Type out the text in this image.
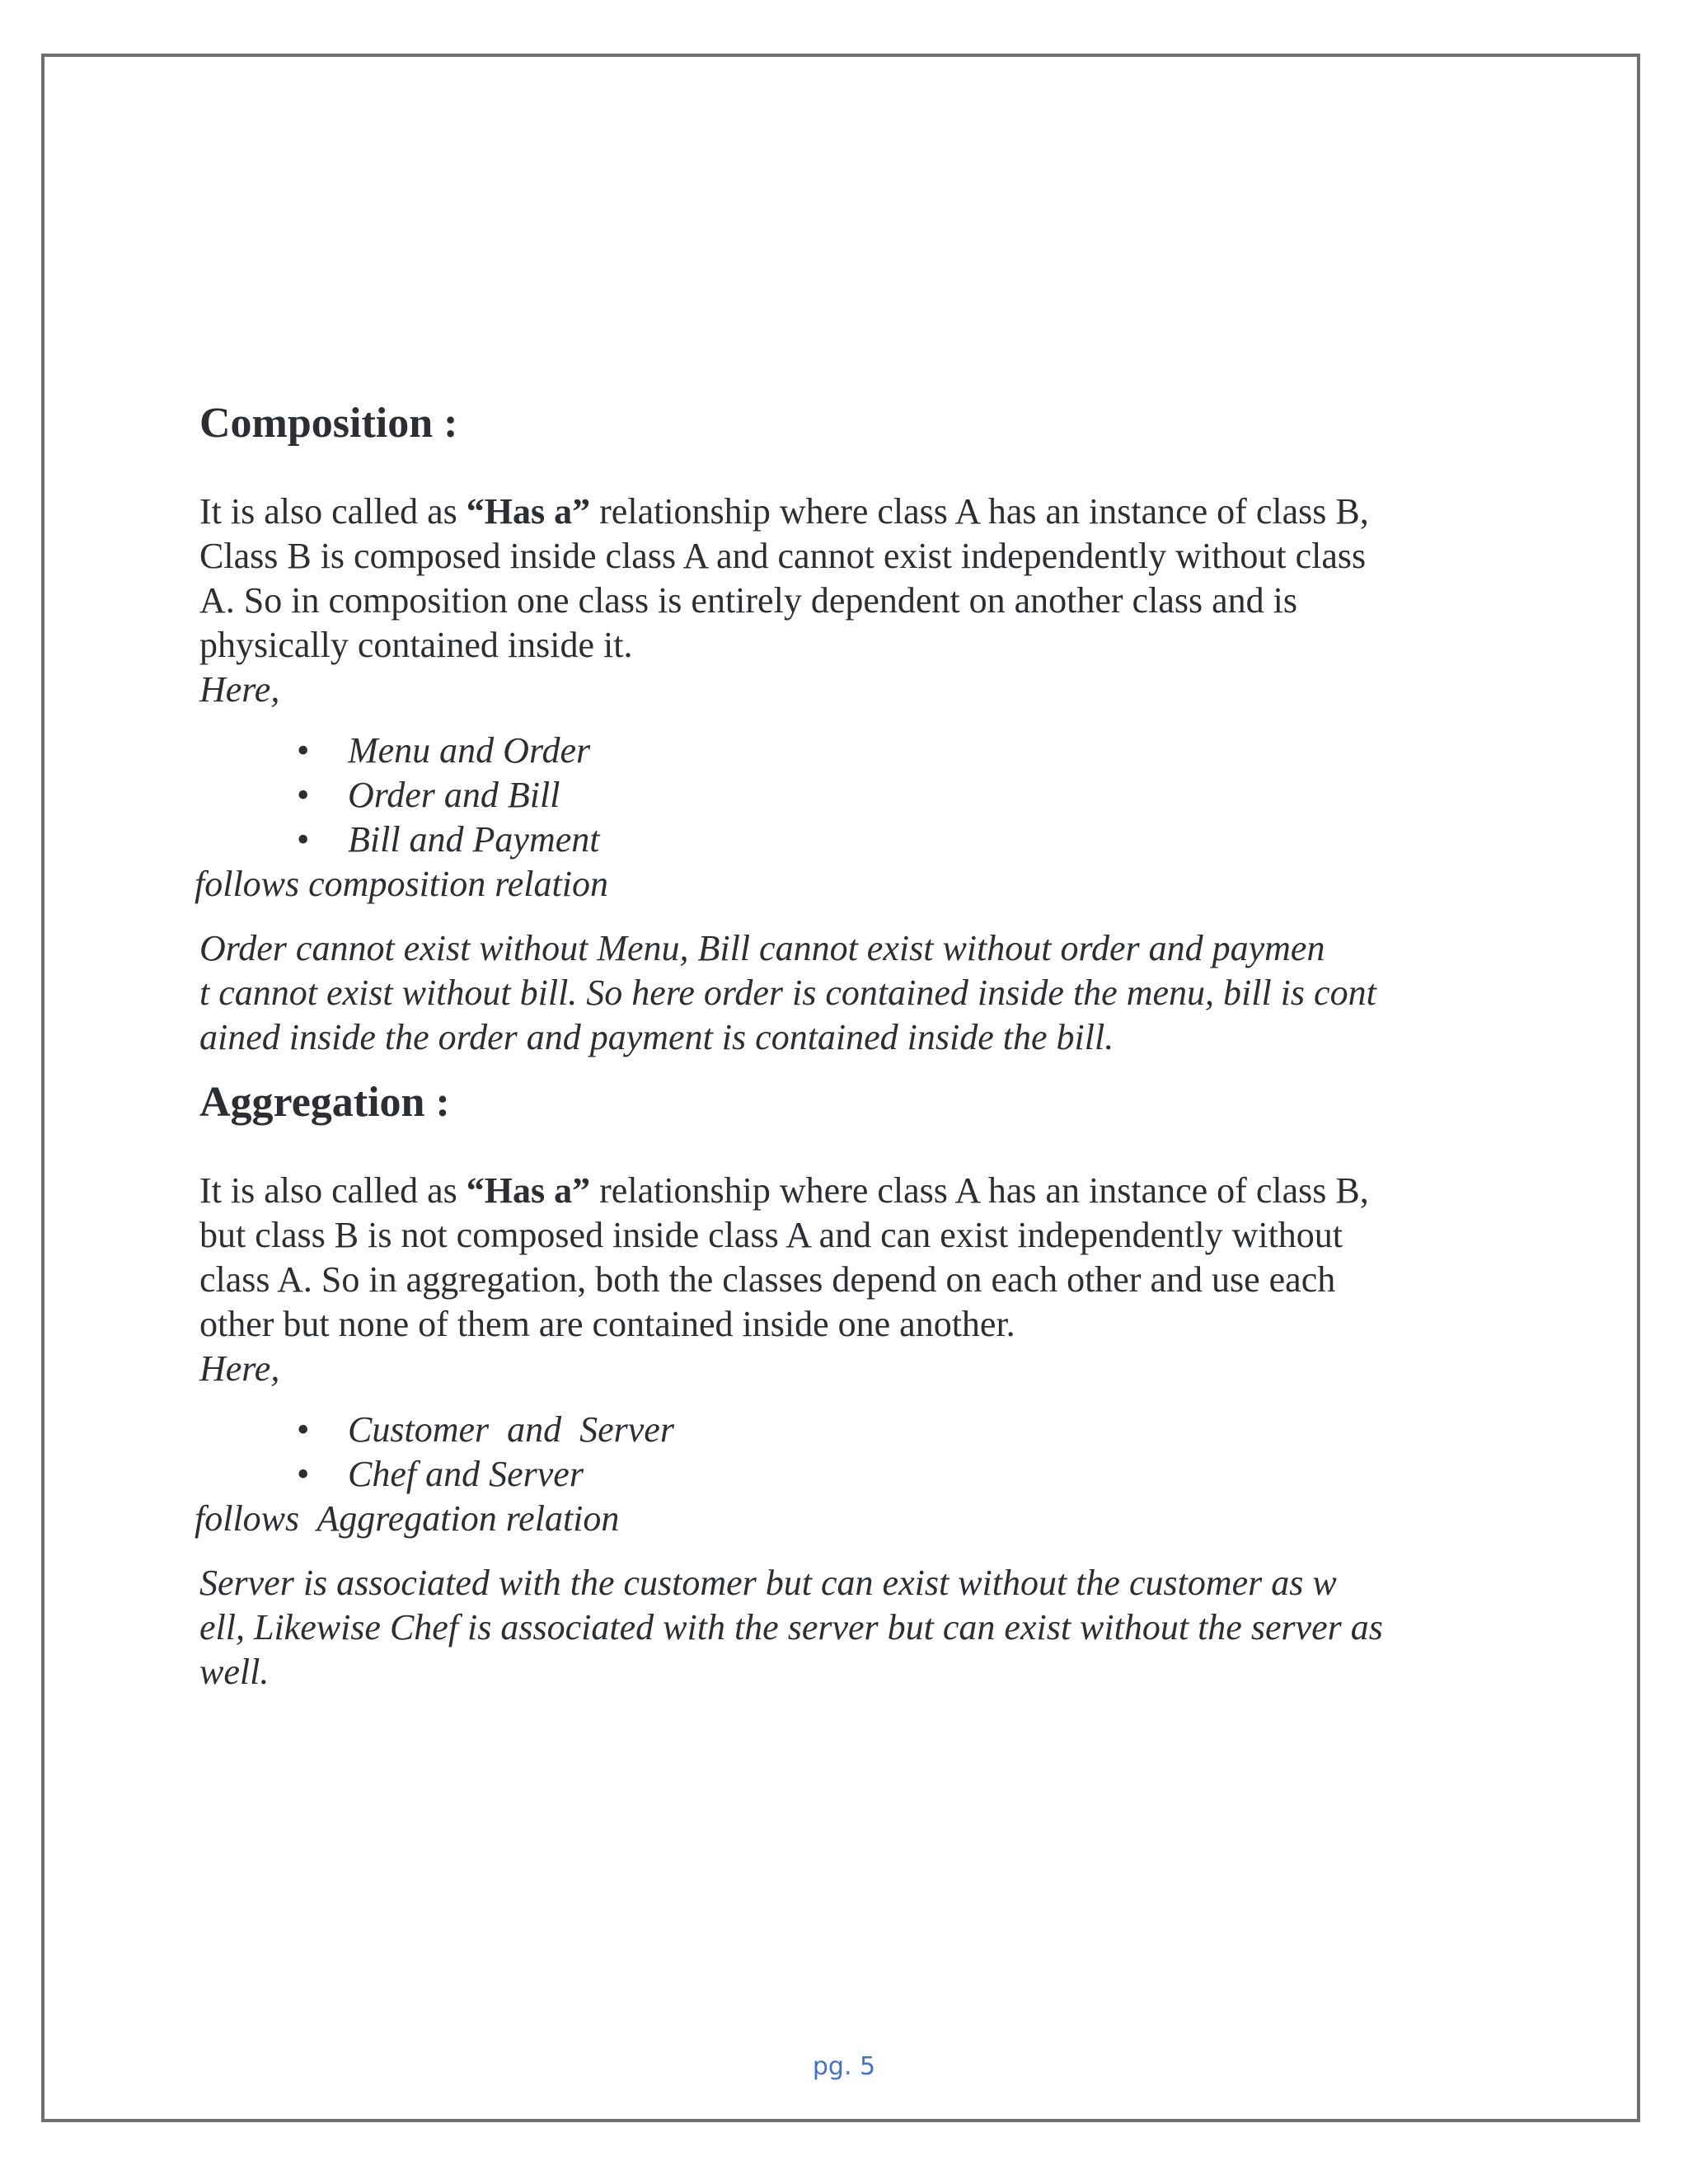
Composition :

It is also called as “Has a” relationship where class A has an instance of class B,
Class B is composed inside class A and cannot exist independently without class
A. So in composition one class is entirely dependent on another class and is
physically contained inside it.

Here,

• Menu and Order
• Order and Bill
• Bill and Payment

follows composition relation

Order cannot exist without Menu, Bill cannot exist without order and paymen
t cannot exist without bill. So here order is contained inside the menu, bill is cont
ained inside the order and payment is contained inside the bill.

Aggregation :

It is also called as “Has a” relationship where class A has an instance of class B,
but class B is not composed inside class A and can exist independently without
class A. So in aggregation, both the classes depend on each other and use each
other but none of them are contained inside one another.

Here,

• Customer  and  Server
• Chef and Server

follows  Aggregation relation

Server is associated with the customer but can exist without the customer as w
ell, Likewise Chef is associated with the server but can exist without the server as
well.

pg. 5
